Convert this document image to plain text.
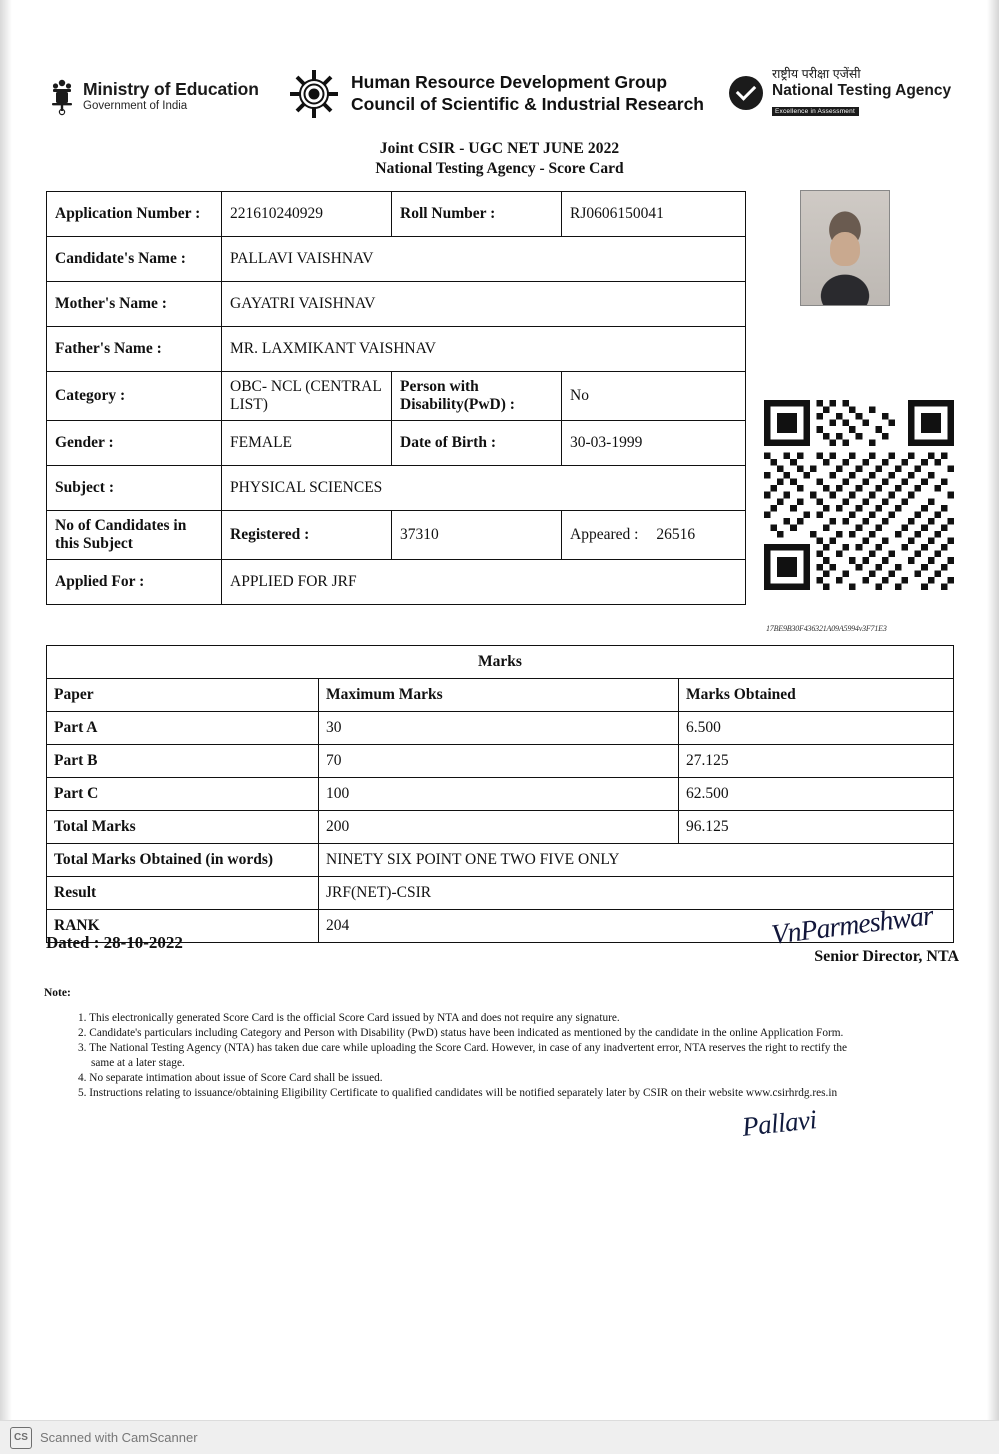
Ministry of Education
Government of India
Human Resource Development Group
Council of Scientific & Industrial Research
राष्ट्रीय परीक्षा एजेंसी
National Testing Agency
Excellence in Assessment
Joint CSIR - UGC NET JUNE 2022
National Testing Agency - Score Card
Application Number :	221610240929	Roll Number :	RJ0606150041
Candidate's Name :	PALLAVI VAISHNAV		
Mother's Name :	GAYATRI VAISHNAV		
Father's Name :	MR. LAXMIKANT VAISHNAV		
Category :	OBC- NCL (CENTRAL LIST)	Person with Disability(PwD) :	No
Gender :	FEMALE	Date of Birth :	30-03-1999
Subject :	PHYSICAL SCIENCES		
No of Candidates in this Subject	Registered :	37310	Appeared : 26516
Applied For :	APPLIED FOR JRF		
17BE9B30F436321A09A5994v3F71E3
Marks		
Paper	Maximum Marks	Marks Obtained
Part A	30	6.500
Part B	70	27.125
Part C	100	62.500
Total Marks	200	96.125
Total Marks Obtained (in words)	NINETY SIX POINT ONE TWO FIVE ONLY	
Result	JRF(NET)-CSIR	
RANK	204	
Dated : 28-10-2022	VnParmeshwar
Senior Director, NTA
Note:
1. This electronically generated Score Card is the official Score Card issued by NTA and does not require any signature.
2. Candidate's particulars including Category and Person with Disability (PwD) status have been indicated as mentioned by the candidate in the online Application Form.
3. The National Testing Agency (NTA) has taken due care while uploading the Score Card. However, in case of any inadvertent error, NTA reserves the right to rectify the
same at a later stage.
4. No separate intimation about issue of Score Card shall be issued.
5. Instructions relating to issuance/obtaining Eligibility Certificate to qualified candidates will be notified separately later by CSIR on their website www.csirhrdg.res.in
Pallavi
CS Scanned with CamScanner
